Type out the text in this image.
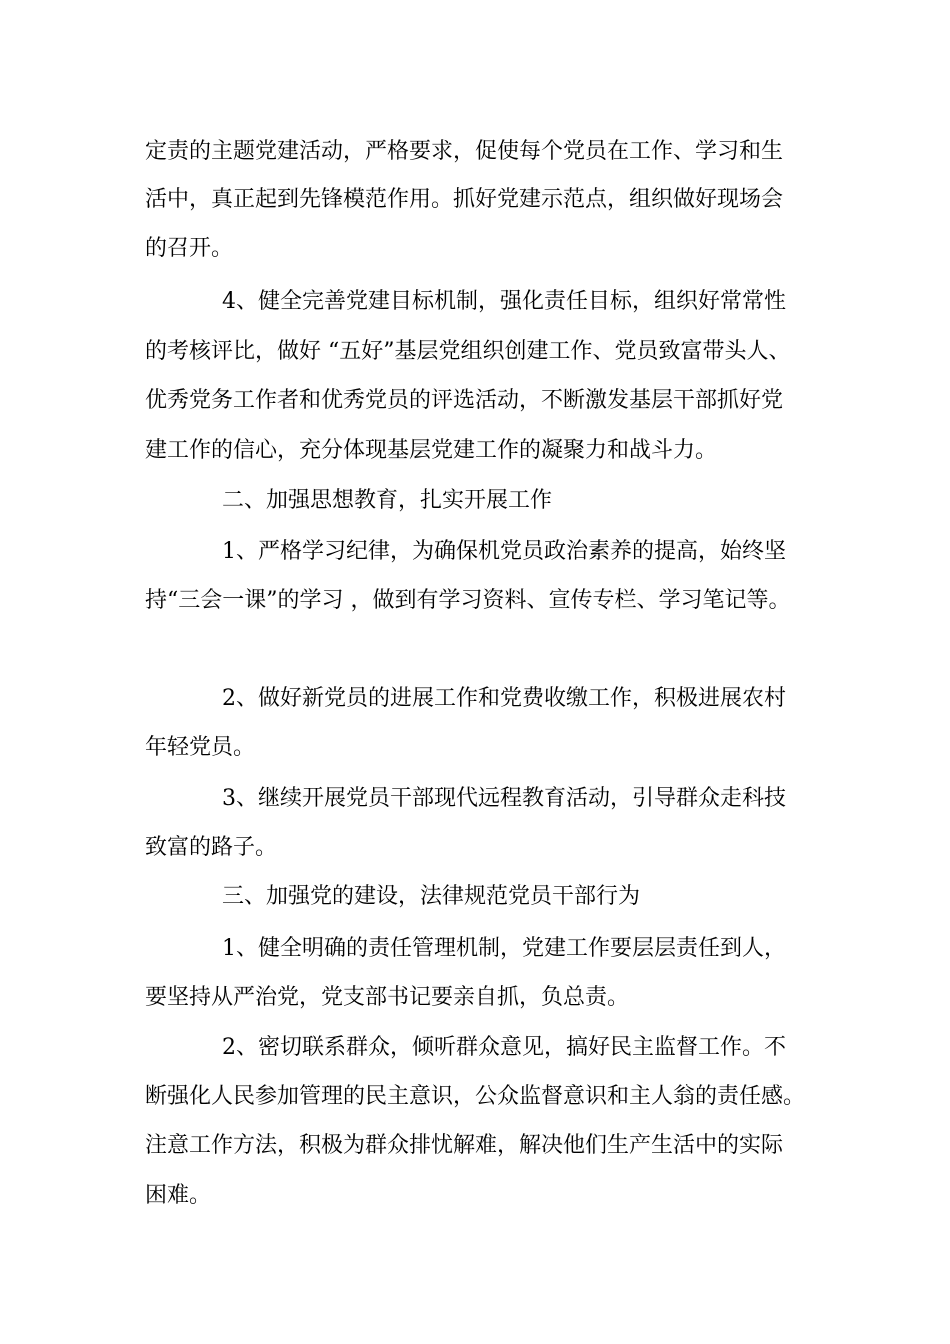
定责的主题党建活动，严格要求，促使每个党员在工作、学习和生
活中，真正起到先锋模范作用。抓好党建示范点，组织做好现场会
的召开。
4、健全完善党建目标机制，强化责任目标，组织好常常性
的考核评比，做好 “五好”基层党组织创建工作、党员致富带头人、
优秀党务工作者和优秀党员的评选活动，不断激发基层干部抓好党
建工作的信心，充分体现基层党建工作的凝聚力和战斗力。
二、加强思想教育，扎实开展工作
1、严格学习纪律，为确保机党员政治素养的提高，始终坚
持“三会一课”的学习 ，做到有学习资料、宣传专栏、学习笔记等。
2、做好新党员的进展工作和党费收缴工作，积极进展农村
年轻党员。
3、继续开展党员干部现代远程教育活动，引导群众走科技
致富的路子。
三、加强党的建设，法律规范党员干部行为
1、健全明确的责任管理机制，党建工作要层层责任到人，
要坚持从严治党，党支部书记要亲自抓，负总责。
2、密切联系群众，倾听群众意见，搞好民主监督工作。不
断强化人民参加管理的民主意识，公众监督意识和主人翁的责任感。
注意工作方法，积极为群众排忧解难，解决他们生产生活中的实际
困难。
